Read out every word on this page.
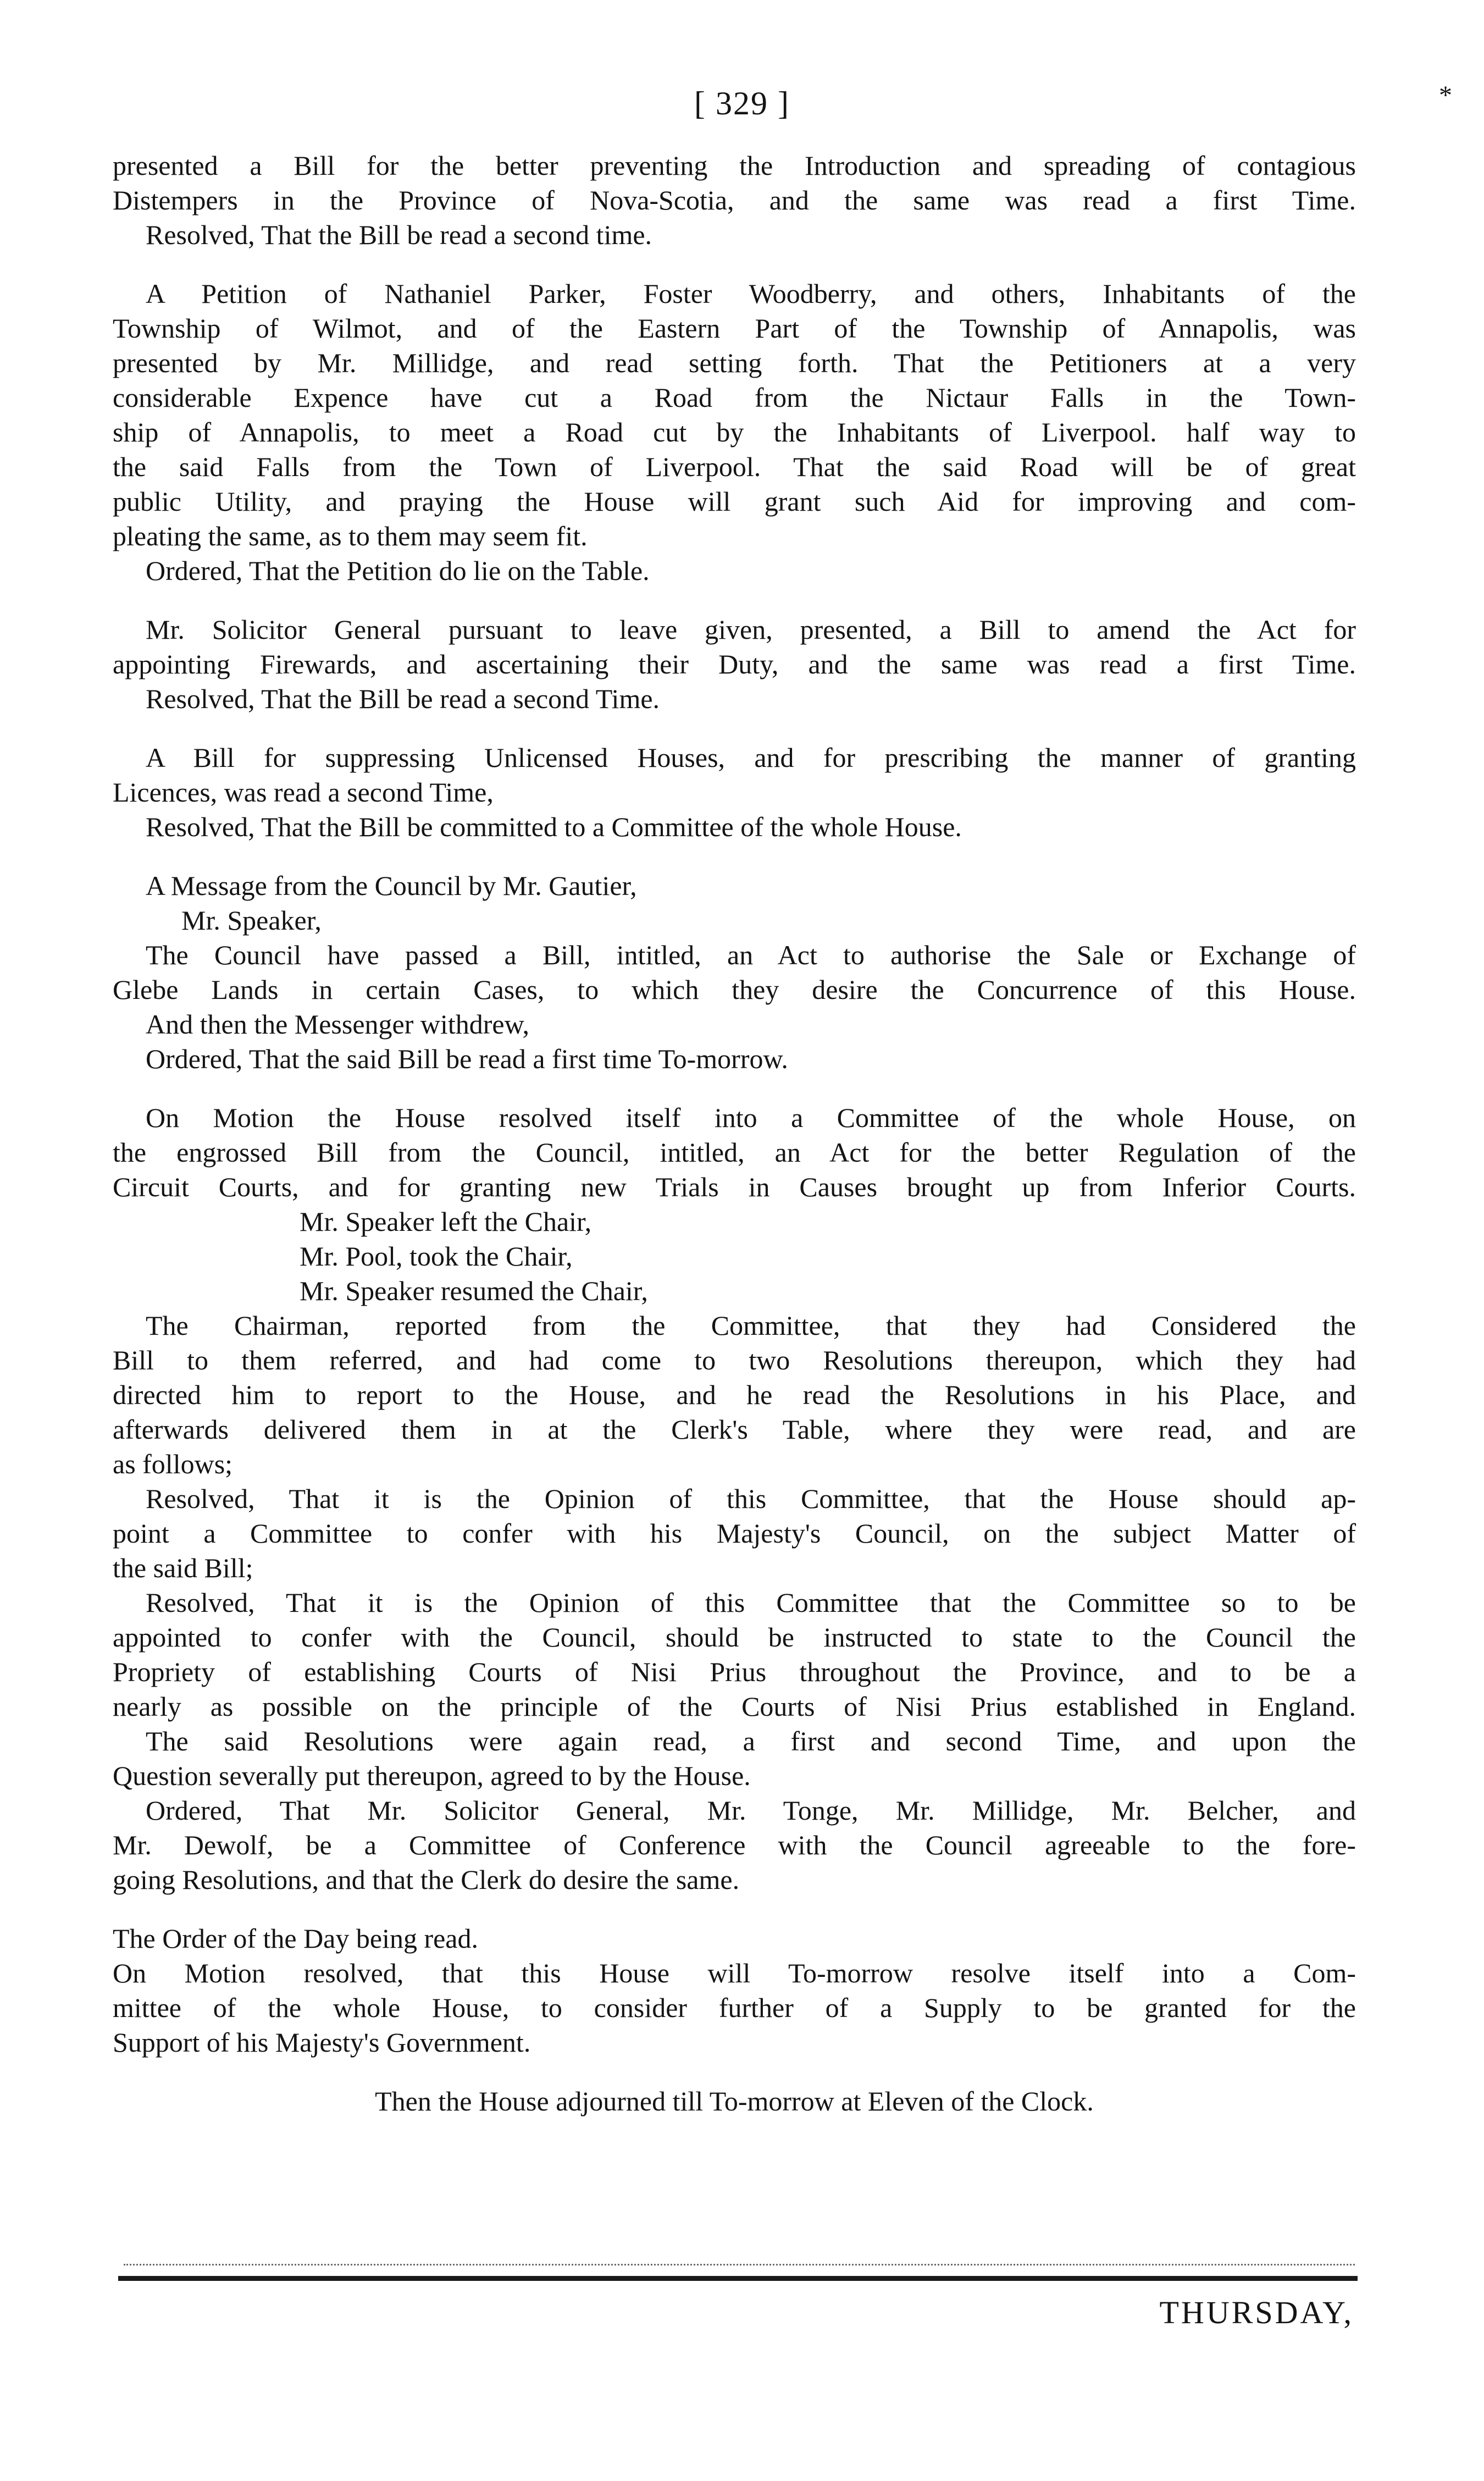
*
[ 329 ]
presented a Bill for the better preventing the Introduction and spreading of contagious
Distempers in the Province of Nova-Scotia, and the same was read a first Time.
Resolved, That the Bill be read a second time.
A Petition of Nathaniel Parker, Foster Woodberry, and others, Inhabitants of the
Township of Wilmot, and of the Eastern Part of the Township of Annapolis, was
presented by Mr. Millidge, and read setting forth. That the Petitioners at a very
considerable Expence have cut a Road from the Nictaur Falls in the Town-
ship of Annapolis, to meet a Road cut by the Inhabitants of Liverpool. half way to
the said Falls from the Town of Liverpool. That the said Road will be of great
public Utility, and praying the House will grant such Aid for improving and com-
pleating the same, as to them may seem fit.
Ordered, That the Petition do lie on the Table.
Mr. Solicitor General pursuant to leave given, presented, a Bill to amend the Act for
appointing Firewards, and ascertaining their Duty, and the same was read a first Time.
Resolved, That the Bill be read a second Time.
A Bill for suppressing Unlicensed Houses, and for prescribing the manner of granting
Licences, was read a second Time,
Resolved, That the Bill be committed to a Committee of the whole House.
A Message from the Council by Mr. Gautier,
Mr. Speaker,
The Council have passed a Bill, intitled, an Act to authorise the Sale or Exchange of
Glebe Lands in certain Cases, to which they desire the Concurrence of this House.
And then the Messenger withdrew,
Ordered, That the said Bill be read a first time To-morrow.
On Motion the House resolved itself into a Committee of the whole House, on
the engrossed Bill from the Council, intitled, an Act for the better Regulation of the
Circuit Courts, and for granting new Trials in Causes brought up from Inferior Courts.
Mr. Speaker left the Chair,
Mr. Pool, took the Chair,
Mr. Speaker resumed the Chair,
The Chairman, reported from the Committee, that they had Considered the
Bill to them referred, and had come to two Resolutions thereupon, which they had
directed him to report to the House, and he read the Resolutions in his Place, and
afterwards delivered them in at the Clerk's Table, where they were read, and are
as follows;
Resolved, That it is the Opinion of this Committee, that the House should ap-
point a Committee to confer with his Majesty's Council, on the subject Matter of
the said Bill;
Resolved, That it is the Opinion of this Committee that the Committee so to be
appointed to confer with the Council, should be instructed to state to the Council the
Propriety of establishing Courts of Nisi Prius throughout the Province, and to be a
nearly as possible on the principle of the Courts of Nisi Prius established in England.
The said Resolutions were again read, a first and second Time, and upon the
Question severally put thereupon, agreed to by the House.
Ordered, That Mr. Solicitor General, Mr. Tonge, Mr. Millidge, Mr. Belcher, and
Mr. Dewolf, be a Committee of Conference with the Council agreeable to the fore-
going Resolutions, and that the Clerk do desire the same.
The Order of the Day being read.
On Motion resolved, that this House will To-morrow resolve itself into a Com-
mittee of the whole House, to consider further of a Supply to be granted for the
Support of his Majesty's Government.
Then the House adjourned till To-morrow at Eleven of the Clock.
THURSDAY,
